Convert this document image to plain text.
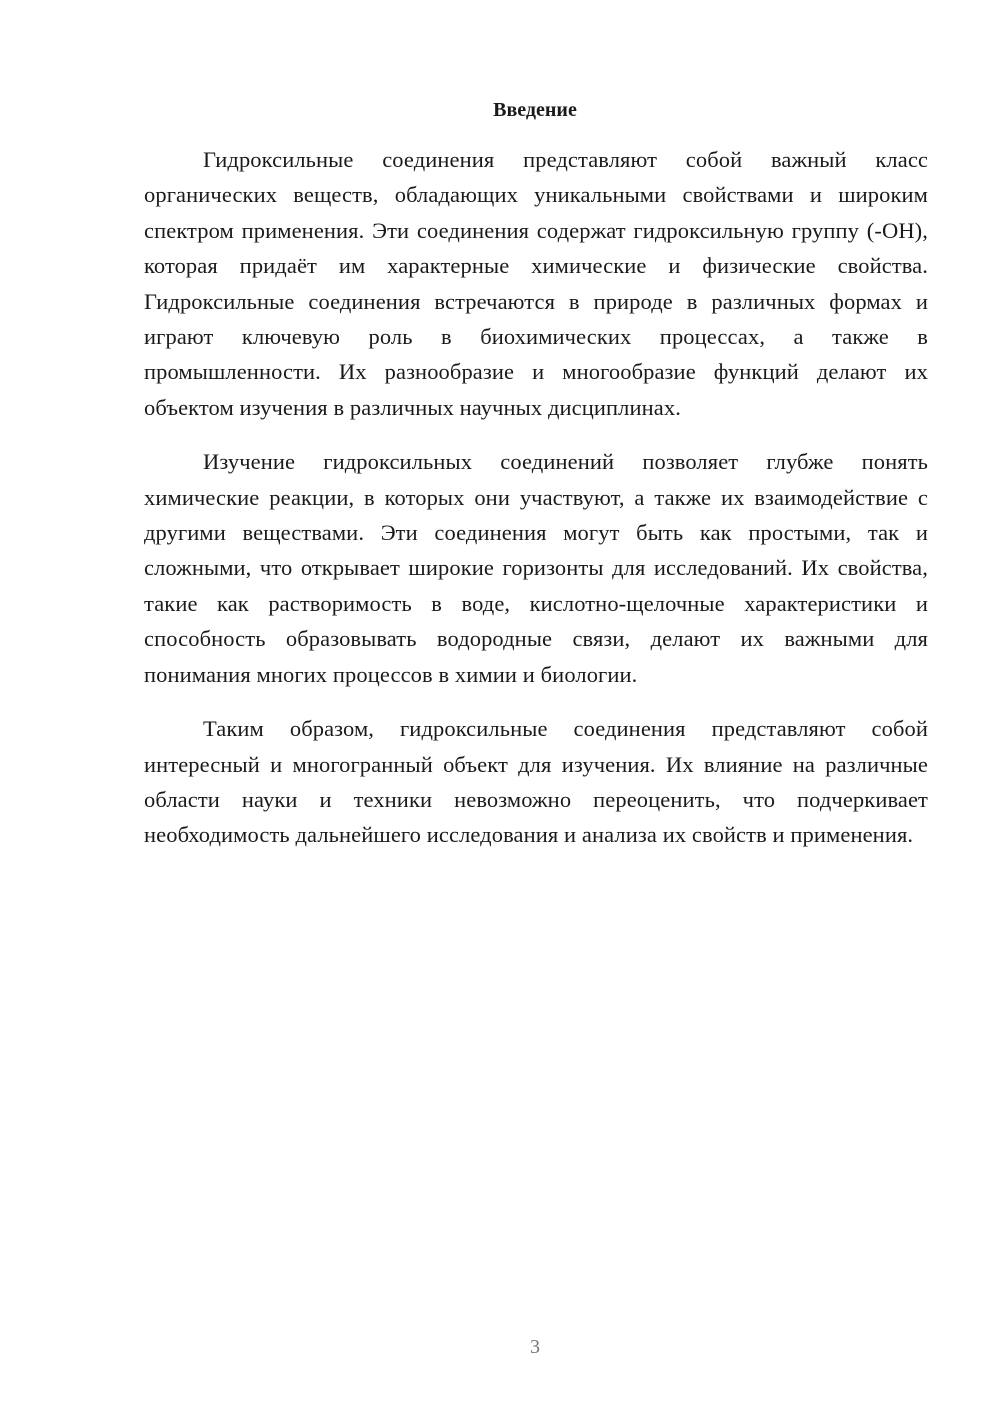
Введение

Гидроксильные соединения представляют собой важный класс органических веществ, обладающих уникальными свойствами и широким спектром применения. Эти соединения содержат гидроксильную группу (-OH), которая придаёт им характерные химические и физические свойства. Гидроксильные соединения встречаются в природе в различных формах и играют ключевую роль в биохимических процессах, а также в промышленности. Их разнообразие и многообразие функций делают их объектом изучения в различных научных дисциплинах.

Изучение гидроксильных соединений позволяет глубже понять химические реакции, в которых они участвуют, а также их взаимодействие с другими веществами. Эти соединения могут быть как простыми, так и сложными, что открывает широкие горизонты для исследований. Их свойства, такие как растворимость в воде, кислотно-щелочные характеристики и способность образовывать водородные связи, делают их важными для понимания многих процессов в химии и биологии.

Таким образом, гидроксильные соединения представляют собой интересный и многогранный объект для изучения. Их влияние на различные области науки и техники невозможно переоценить, что подчеркивает необходимость дальнейшего исследования и анализа их свойств и применения.

3
